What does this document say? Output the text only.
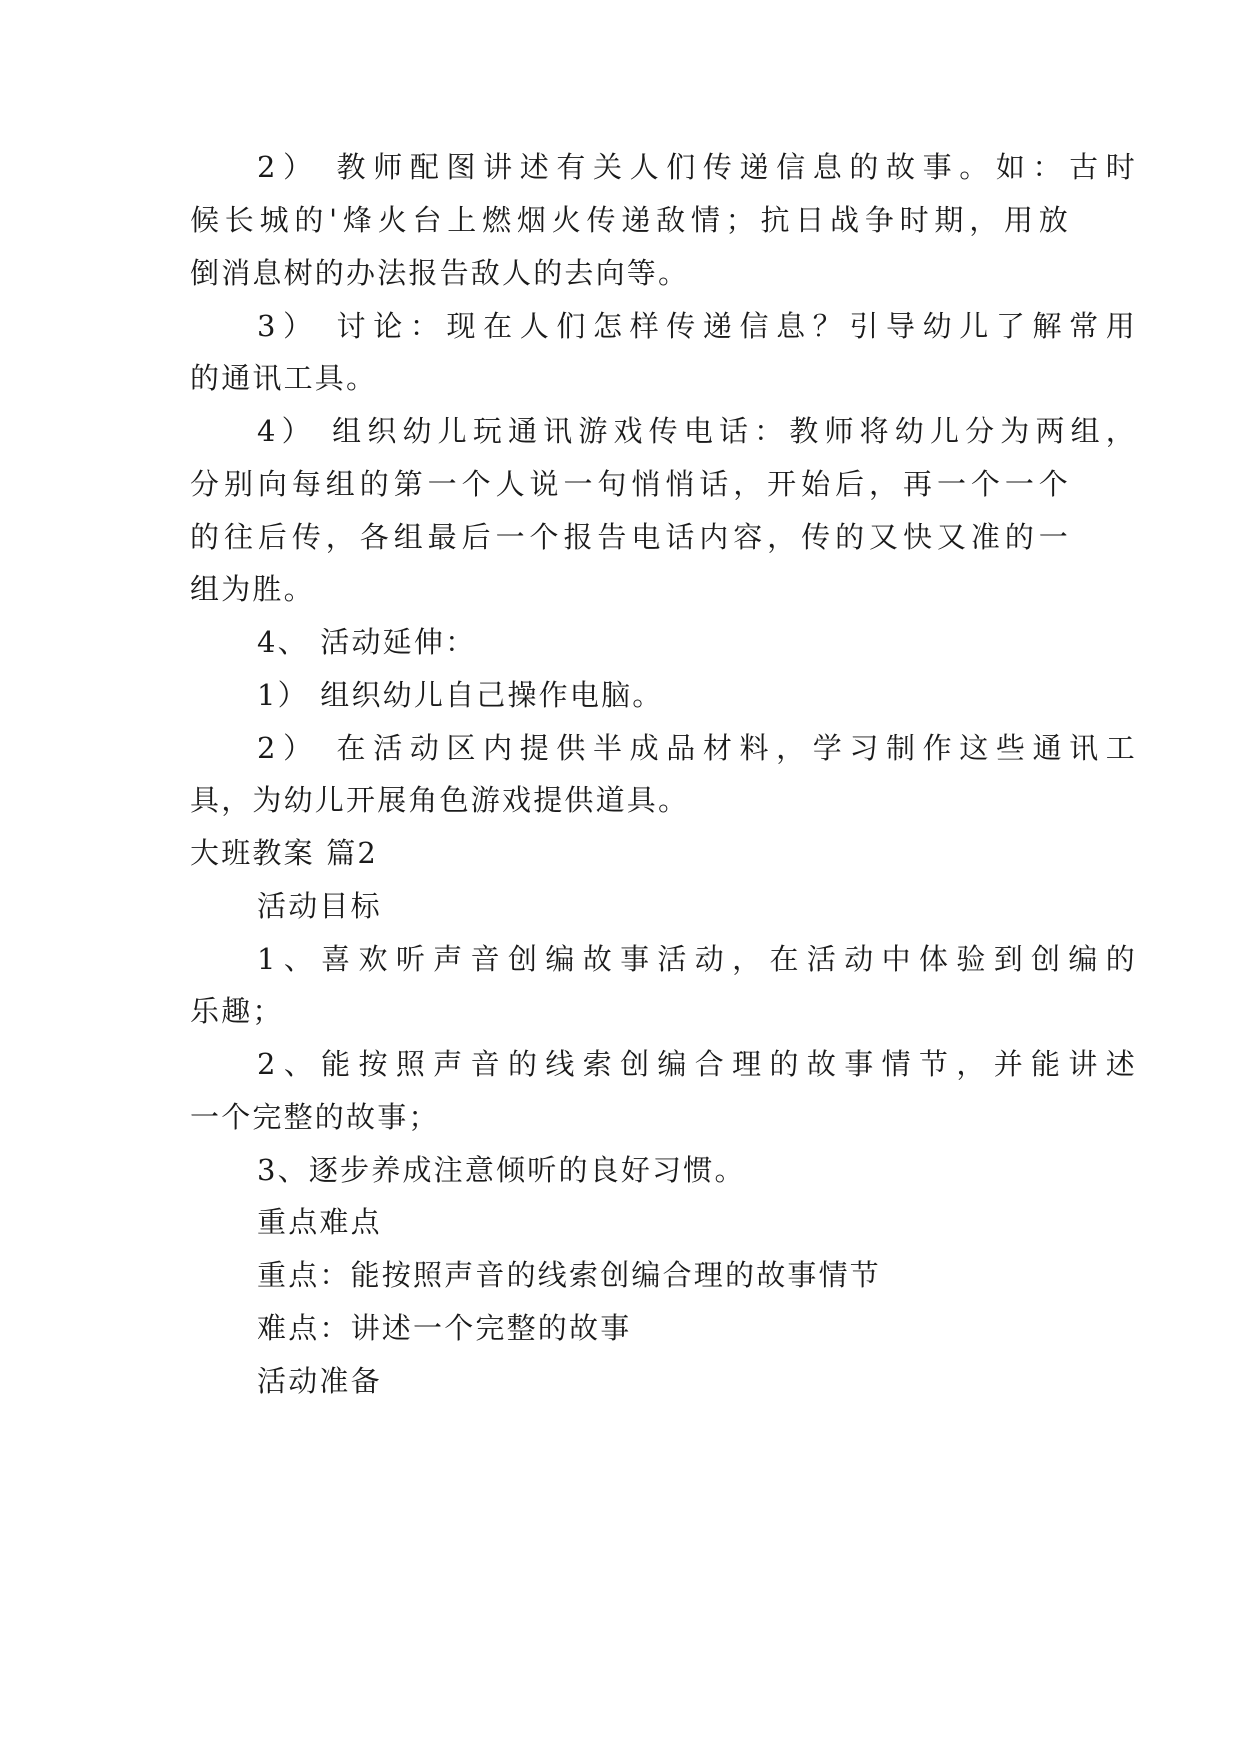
2） 教师配图讲述有关人们传递信息的故事。如：古时
候长城的'烽火台上燃烟火传递敌情；抗日战争时期，用放
倒消息树的办法报告敌人的去向等。
3） 讨论：现在人们怎样传递信息？引导幼儿了解常用
的通讯工具。
4） 组织幼儿玩通讯游戏传电话：教师将幼儿分为两组，
分别向每组的第一个人说一句悄悄话，开始后，再一个一个
的往后传，各组最后一个报告电话内容，传的又快又准的一
组为胜。
4、 活动延伸：
1） 组织幼儿自己操作电脑。
2） 在活动区内提供半成品材料，学习制作这些通讯工
具，为幼儿开展角色游戏提供道具。
大班教案 篇2
活动目标
1、喜欢听声音创编故事活动，在活动中体验到创编的
乐趣；
2、能按照声音的线索创编合理的故事情节，并能讲述
一个完整的故事；
3、逐步养成注意倾听的良好习惯。
重点难点
重点：能按照声音的线索创编合理的故事情节
难点：讲述一个完整的故事
活动准备
